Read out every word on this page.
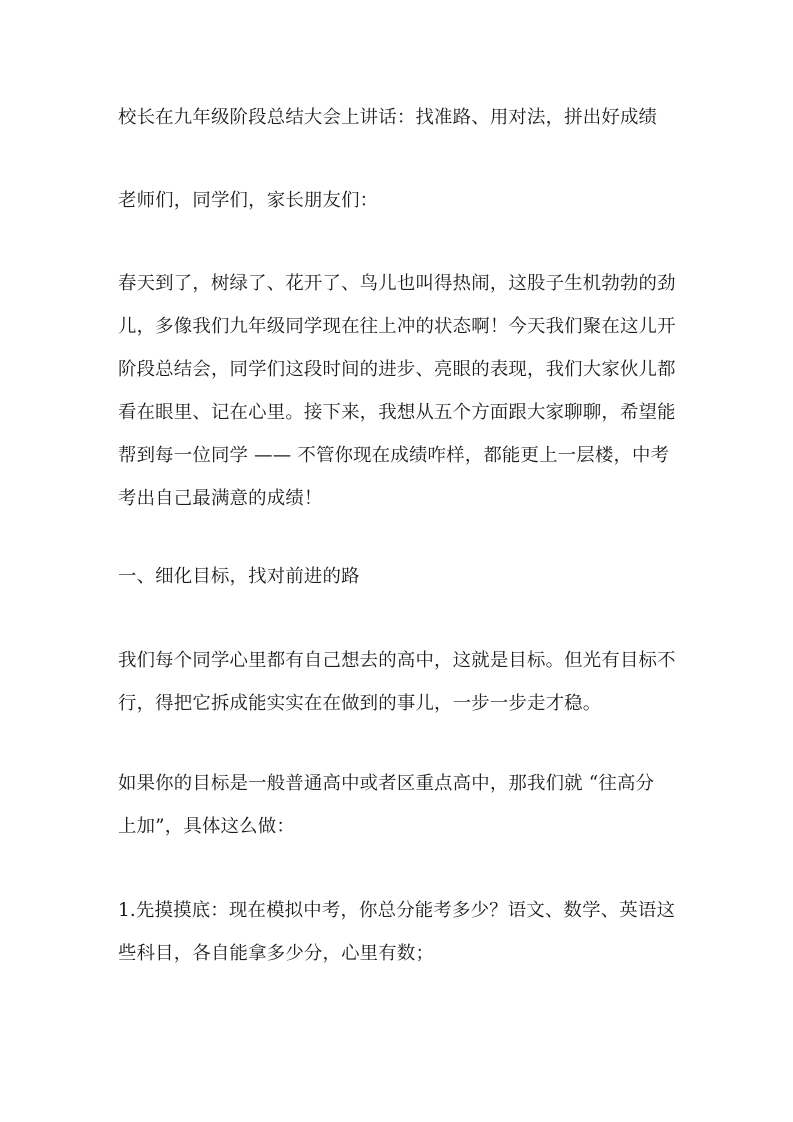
校长在九年级阶段总结大会上讲话：找准路、用对法，拼出好成绩
老师们，同学们，家长朋友们：
春天到了，树绿了、花开了、鸟儿也叫得热闹，这股子生机勃勃的劲
儿，多像我们九年级同学现在往上冲的状态啊！今天我们聚在这儿开
阶段总结会，同学们这段时间的进步、亮眼的表现，我们大家伙儿都
看在眼里、记在心里。接下来，我想从五个方面跟大家聊聊，希望能
帮到每一位同学 —— 不管你现在成绩咋样，都能更上一层楼，中考
考出自己最满意的成绩！
一、细化目标，找对前进的路
我们每个同学心里都有自己想去的高中，这就是目标。但光有目标不
行，得把它拆成能实实在在做到的事儿，一步一步走才稳。
如果你的目标是一般普通高中或者区重点高中，那我们就 “往高分
上加”，具体这么做：
1.先摸摸底：现在模拟中考，你总分能考多少？语文、数学、英语这
些科目，各自能拿多少分，心里有数；
